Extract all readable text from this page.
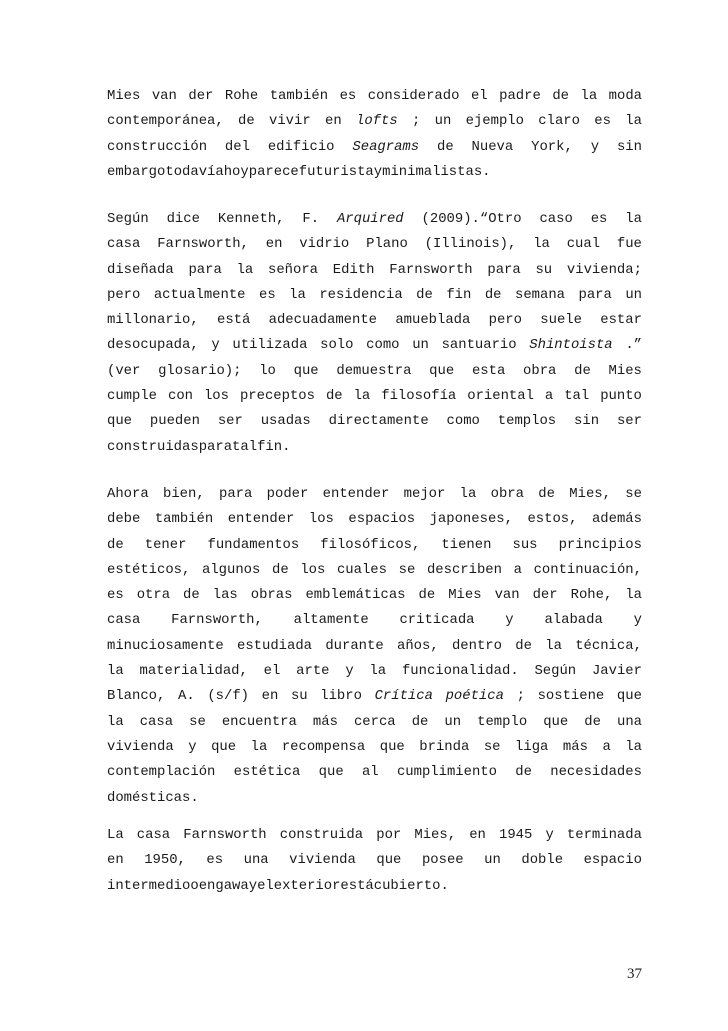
Mies van der Rohe también es considerado el padre de la moda
contemporánea, de vivir en lofts ; un ejemplo claro es la
construcción del edificio Seagrams de Nueva York, y sin
embargo todavía hoy parece futurista y minimalistas.
Según dice Kenneth, F. Arquired (2009).“Otro caso es la
casa Farnsworth, en vidrio Plano (Illinois), la cual fue
diseñada para la señora Edith Farnsworth para su vivienda;
pero actualmente es la residencia de fin de semana para un
millonario, está adecuadamente amueblada pero suele estar
desocupada, y utilizada solo como un santuario Shintoista .”
(ver glosario); lo que demuestra que esta obra de Mies
cumple con los preceptos de la filosofía oriental a tal punto
que pueden ser usadas directamente como templos sin ser
construidas para tal fin.
Ahora bien, para poder entender mejor la obra de Mies, se
debe también entender los espacios japoneses, estos, además
de tener fundamentos filosóficos, tienen sus principios
estéticos, algunos de los cuales se describen a continuación,
es otra de las obras emblemáticas de Mies van der Rohe, la
casa Farnsworth, altamente criticada y alabada y
minuciosamente estudiada durante años, dentro de la técnica,
la materialidad, el arte y la funcionalidad. Según Javier
Blanco, A. (s/f) en su libro Crítica poética ; sostiene que
la casa se encuentra más cerca de un templo que de una
vivienda y que la recompensa que brinda se liga más a la
contemplación estética que al cumplimiento de necesidades
domésticas.
La casa Farnsworth construida por Mies, en 1945 y terminada
en 1950, es una vivienda que posee un doble espacio
intermedio o engawa y el exterior está cubierto.
37
